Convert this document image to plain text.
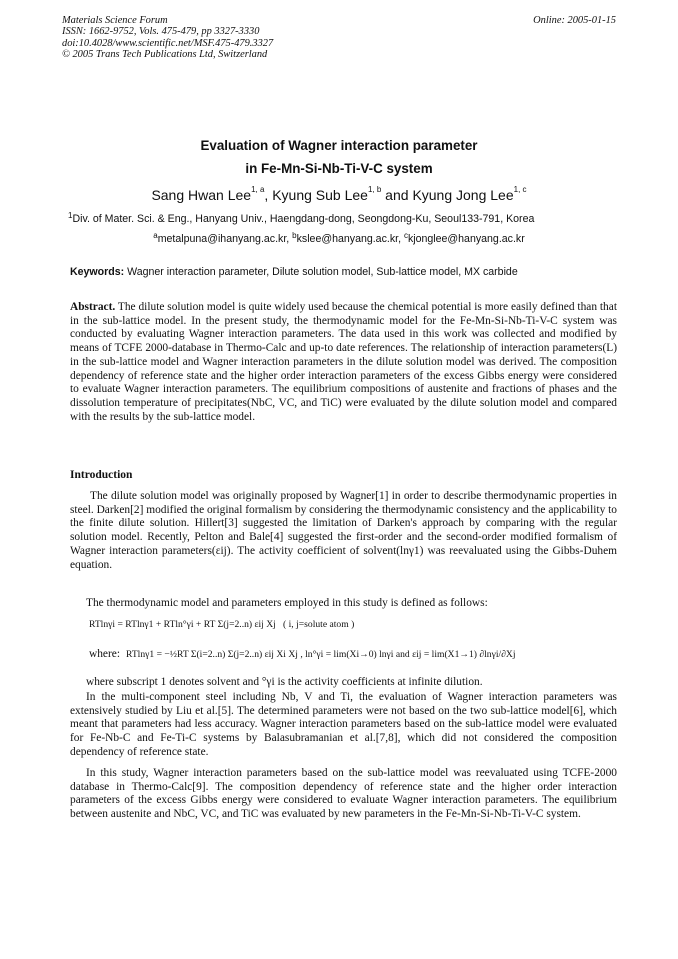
Materials Science Forum
ISSN: 1662-9752, Vols. 475-479, pp 3327-3330
doi:10.4028/www.scientific.net/MSF.475-479.3327
© 2005 Trans Tech Publications Ltd, Switzerland
Online: 2005-01-15
Evaluation of Wagner interaction parameter
in Fe-Mn-Si-Nb-Ti-V-C system
Sang Hwan Lee$^{1, a}$, Kyung Sub Lee$^{1, b}$ and Kyung Jong Lee$^{1, c}$
$^1$Div. of Mater. Sci. & Eng., Hanyang Univ., Haengdang-dong, Seongdong-Ku, Seoul133-791, Korea
$^a$metalpuna@ihanyang.ac.kr, $^b$kslee@hanyang.ac.kr, $^c$kjonglee@hanyang.ac.kr
Keywords: Wagner interaction parameter, Dilute solution model, Sub-lattice model, MX carbide
Abstract. The dilute solution model is quite widely used because the chemical potential is more easily defined than that in the sub-lattice model. In the present study, the thermodynamic model for the Fe-Mn-Si-Nb-Ti-V-C system was conducted by evaluating Wagner interaction parameters. The data used in this work was collected and modified by means of TCFE 2000-database in Thermo-Calc and up-to date references. The relationship of interaction parameters(L) in the sub-lattice model and Wagner interaction parameters in the dilute solution model was derived. The composition dependency of reference state and the higher order interaction parameters of the excess Gibbs energy were considered to evaluate Wagner interaction parameters. The equilibrium compositions of austenite and fractions of phases and the dissolution temperature of precipitates(NbC, VC, and TiC) were evaluated by the dilute solution model and compared with the results by the sub-lattice model.
Introduction
The dilute solution model was originally proposed by Wagner[1] in order to describe thermodynamic properties in steel. Darken[2] modified the original formalism by considering the thermodynamic consistency and the applicability to the finite dilute solution. Hillert[3] suggested the limitation of Darken's approach by comparing with the regular solution model. Recently, Pelton and Bale[4] suggested the first-order and the second-order modified formalism of Wagner interaction parameters(εij). The activity coefficient of solvent(lnγ1) was reevaluated using the Gibbs-Duhem equation.
The thermodynamic model and parameters employed in this study is defined as follows:
RTlnγi = RTlnγ1 + RTln°γi + RT Σ(j=2..n) εij Xj ( i, j=solute atom )
where: RTlnγ1 = −½RT Σ(i=2..n) Σ(j=2..n) εij Xi Xj , ln°γi = lim(Xi→0) lnγi and εij = lim(X1→1) ∂lnγi/∂Xj
where subscript 1 denotes solvent and °γi is the activity coefficients at infinite dilution.
In the multi-component steel including Nb, V and Ti, the evaluation of Wagner interaction parameters was extensively studied by Liu et al.[5]. The determined parameters were not based on the two sub-lattice model[6], which meant that parameters had less accuracy. Wagner interaction parameters based on the sub-lattice model were evaluated for Fe-Nb-C and Fe-Ti-C systems by Balasubramanian et al.[7,8], which did not considered the composition dependency of reference state.
In this study, Wagner interaction parameters based on the sub-lattice model was reevaluated using TCFE-2000 database in Thermo-Calc[9]. The composition dependency of reference state and the higher order interaction parameters of the excess Gibbs energy were considered to evaluate Wagner interaction parameters. The equilibrium between austenite and NbC, VC, and TiC was evaluated by new parameters in the Fe-Mn-Si-Nb-Ti-V-C system.
